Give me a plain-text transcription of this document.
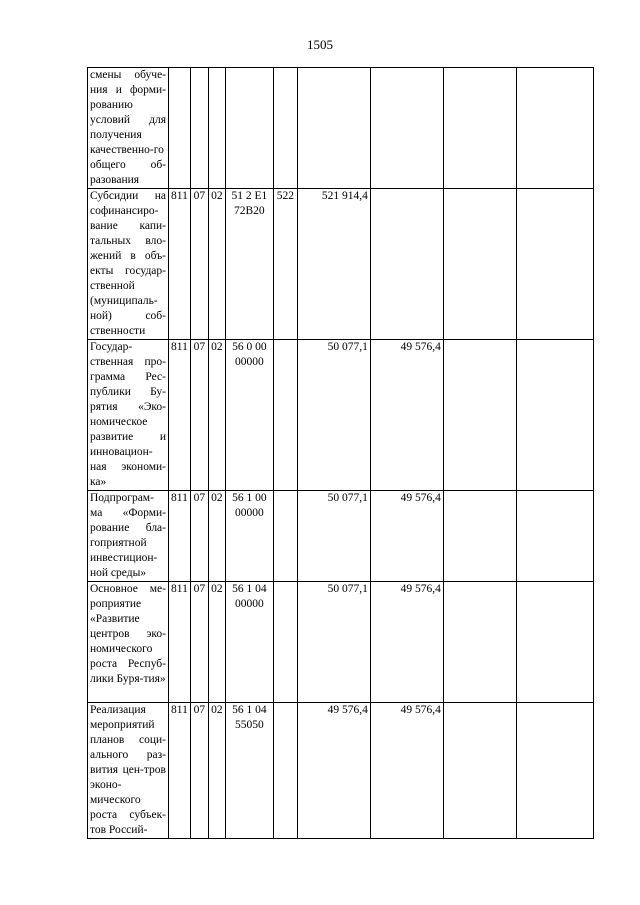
1505
смены обуче-ния и форми-рованию условий для получения качественно-го общего об-разования									
Субсидии на софинансиро-вание капи-тальных вло-жений в объ-екты государ-ственной (муниципаль-ной) соб-ственности	811	07	02	51 2 E1 72B20	522	521 914,4			
Государ-ственная про-грамма Рес-публики Бу-рятия «Эко-номическое развитие и инновацион-ная экономи-ка»	811	07	02	56 0 00 00000		50 077,1	49 576,4		
Подпрограм-ма «Форми-рование бла-гоприятной инвестицион-ной среды»	811	07	02	56 1 00 00000		50 077,1	49 576,4		
Основное ме-роприятие «Развитие центров эко-номического роста Респуб-лики Буря-тия»	811	07	02	56 1 04 00000		50 077,1	49 576,4		
Реализация мероприятий планов соци-ального раз-вития цен-тров эконо-мического роста субъек-тов Россий-	811	07	02	56 1 04 55050		49 576,4	49 576,4		
